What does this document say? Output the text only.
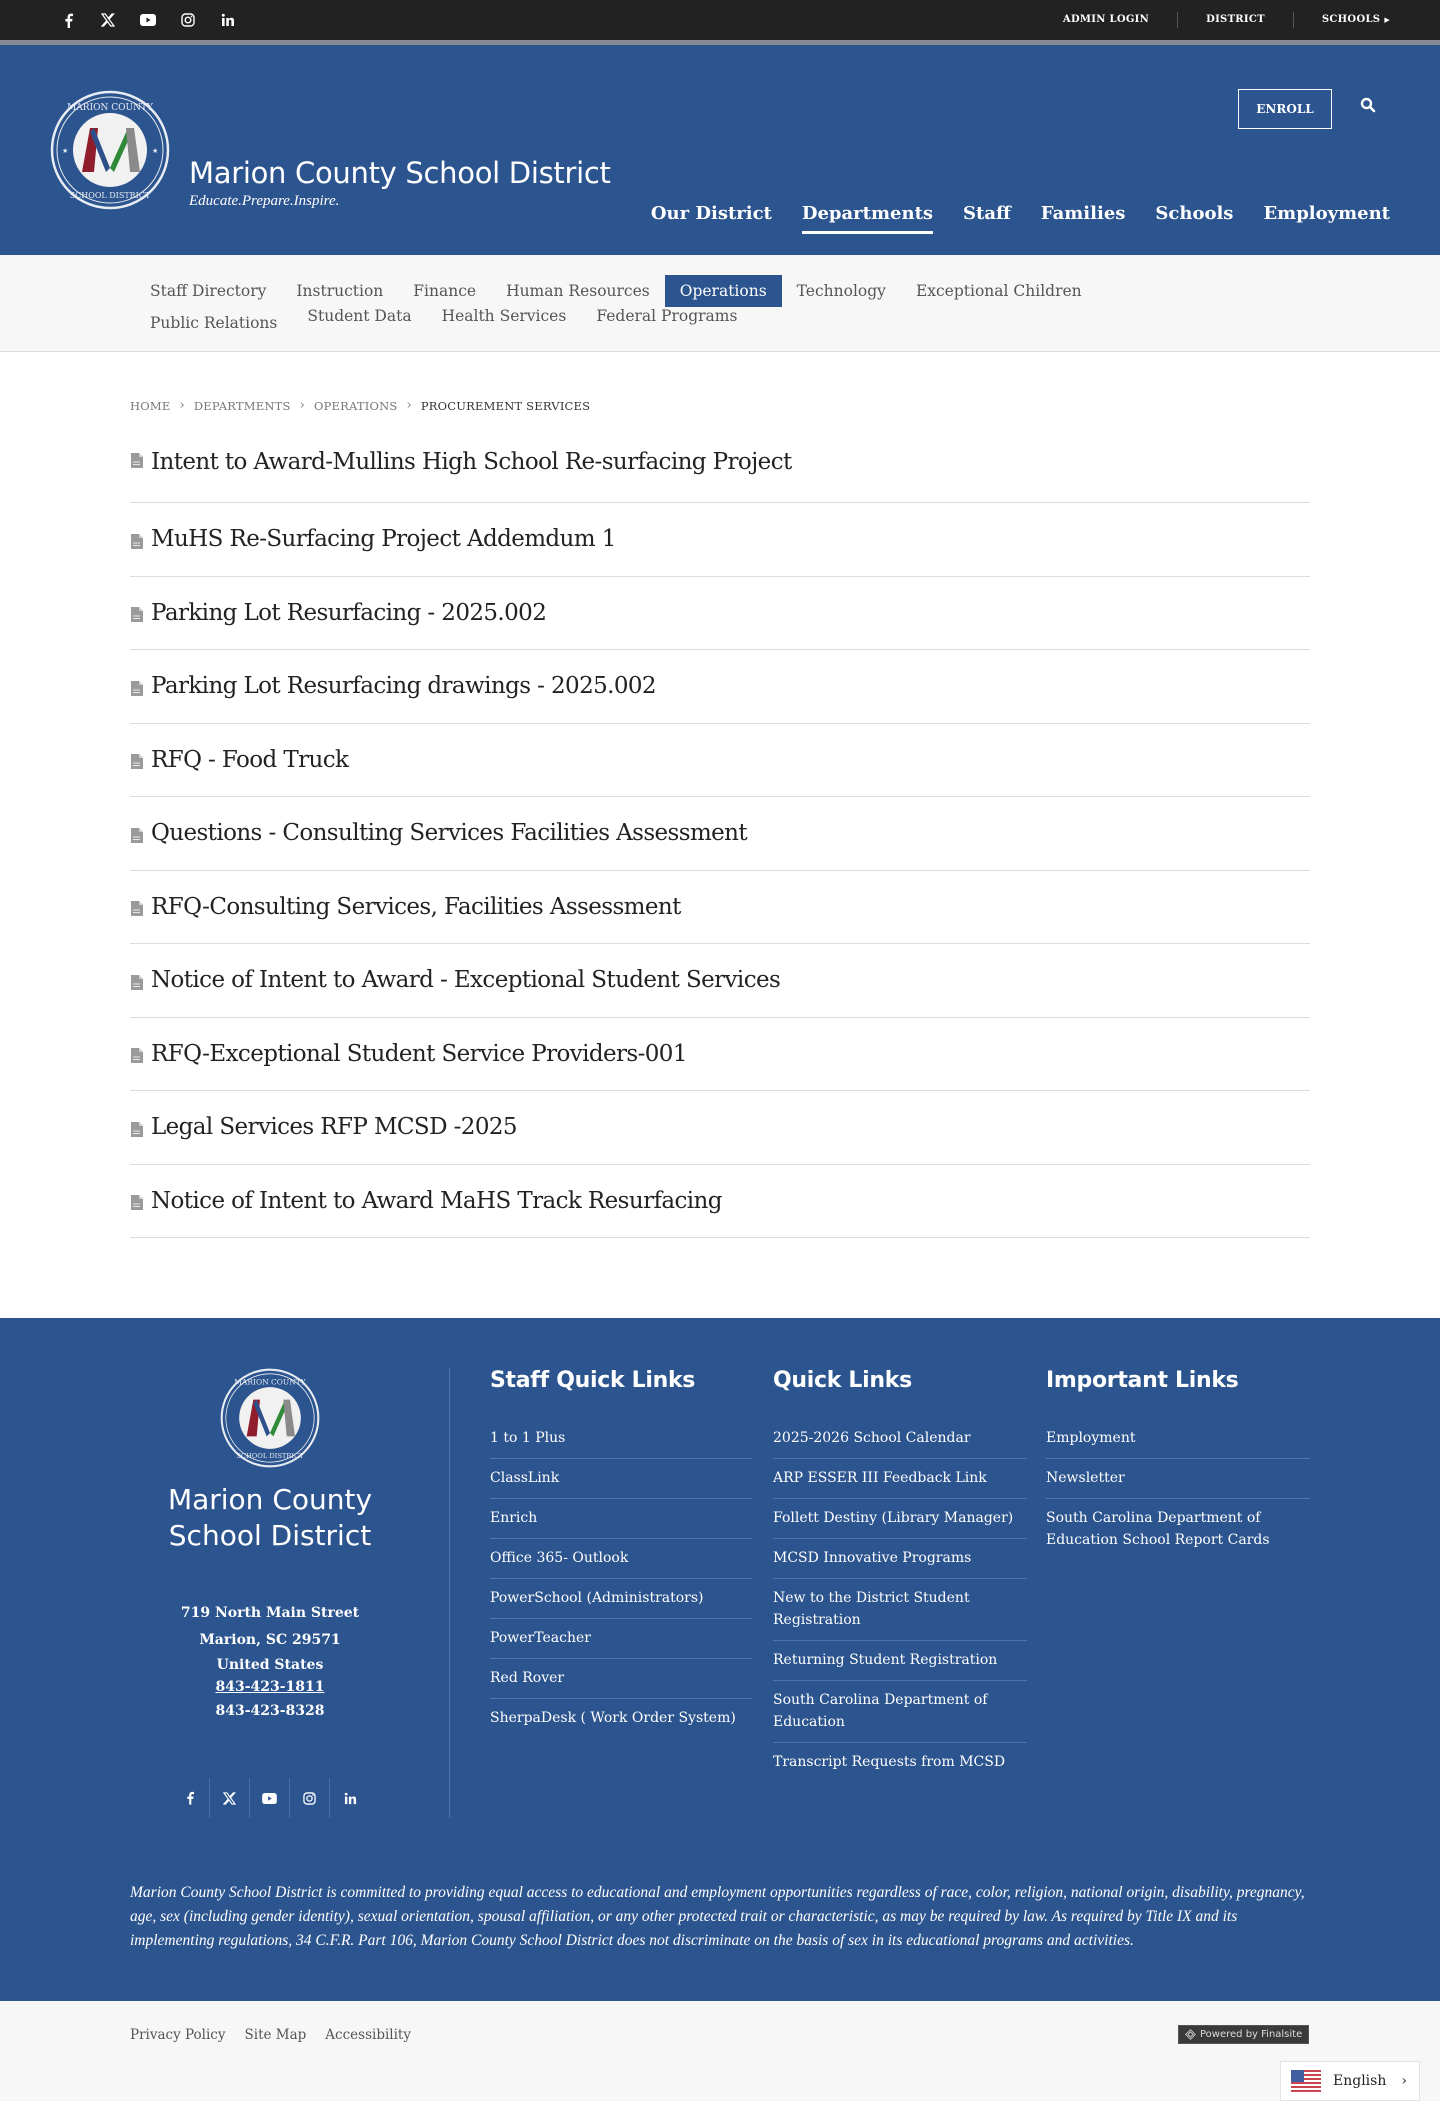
ADMIN LOGIN	DISTRICT	SCHOOLS ▶
MARION COUNTY
SCHOOL DISTRICT
★	★
Marion County School District
Educate.Prepare.Inspire.
ENROLL
Our District Departments Staff Families Schools Employment
Staff Directory	Instruction	Finance	Human Resources	Operations	Technology	Exceptional Children
Public Relations	Student Data	Health Services	Federal Programs
HOME › DEPARTMENTS › OPERATIONS › PROCUREMENT SERVICES
Intent to Award-Mullins High School Re-surfacing Project
MuHS Re-Surfacing Project Addemdum 1
Parking Lot Resurfacing - 2025.002
Parking Lot Resurfacing drawings - 2025.002
RFQ - Food Truck
Questions - Consulting Services Facilities Assessment
RFQ-Consulting Services, Facilities Assessment
Notice of Intent to Award - Exceptional Student Services
RFQ-Exceptional Student Service Providers-001
Legal Services RFP MCSD -2025
Notice of Intent to Award MaHS Track Resurfacing
MARION COUNTY
SCHOOL DISTRICT
Marion County
School District
719 North Main Street
Marion, SC 29571
United States
843-423-1811
843-423-8328
Staff Quick Links
1 to 1 Plus
ClassLink
Enrich
Office 365- Outlook
PowerSchool (Administrators)
PowerTeacher
Red Rover
SherpaDesk ( Work Order System)
Quick Links
2025-2026 School Calendar
ARP ESSER III Feedback Link
Follett Destiny (Library Manager)
MCSD Innovative Programs
New to the District Student Registration
Returning Student Registration
South Carolina Department of Education
Transcript Requests from MCSD
Important Links
Employment
Newsletter
South Carolina Department of Education School Report Cards

Marion County School District is committed to providing equal access to educational and employment opportunities regardless of race, color, religion, national origin, disability, pregnancy, age, sex (including gender identity), sexual orientation, spousal affiliation, or any other protected trait or characteristic, as may be required by law. As required by Title IX and its implementing regulations, 34 C.F.R. Part 106, Marion County School District does not discriminate on the basis of sex in its educational programs and activities.

Privacy Policy Site Map Accessibility	Powered by Finalsite
English ›
